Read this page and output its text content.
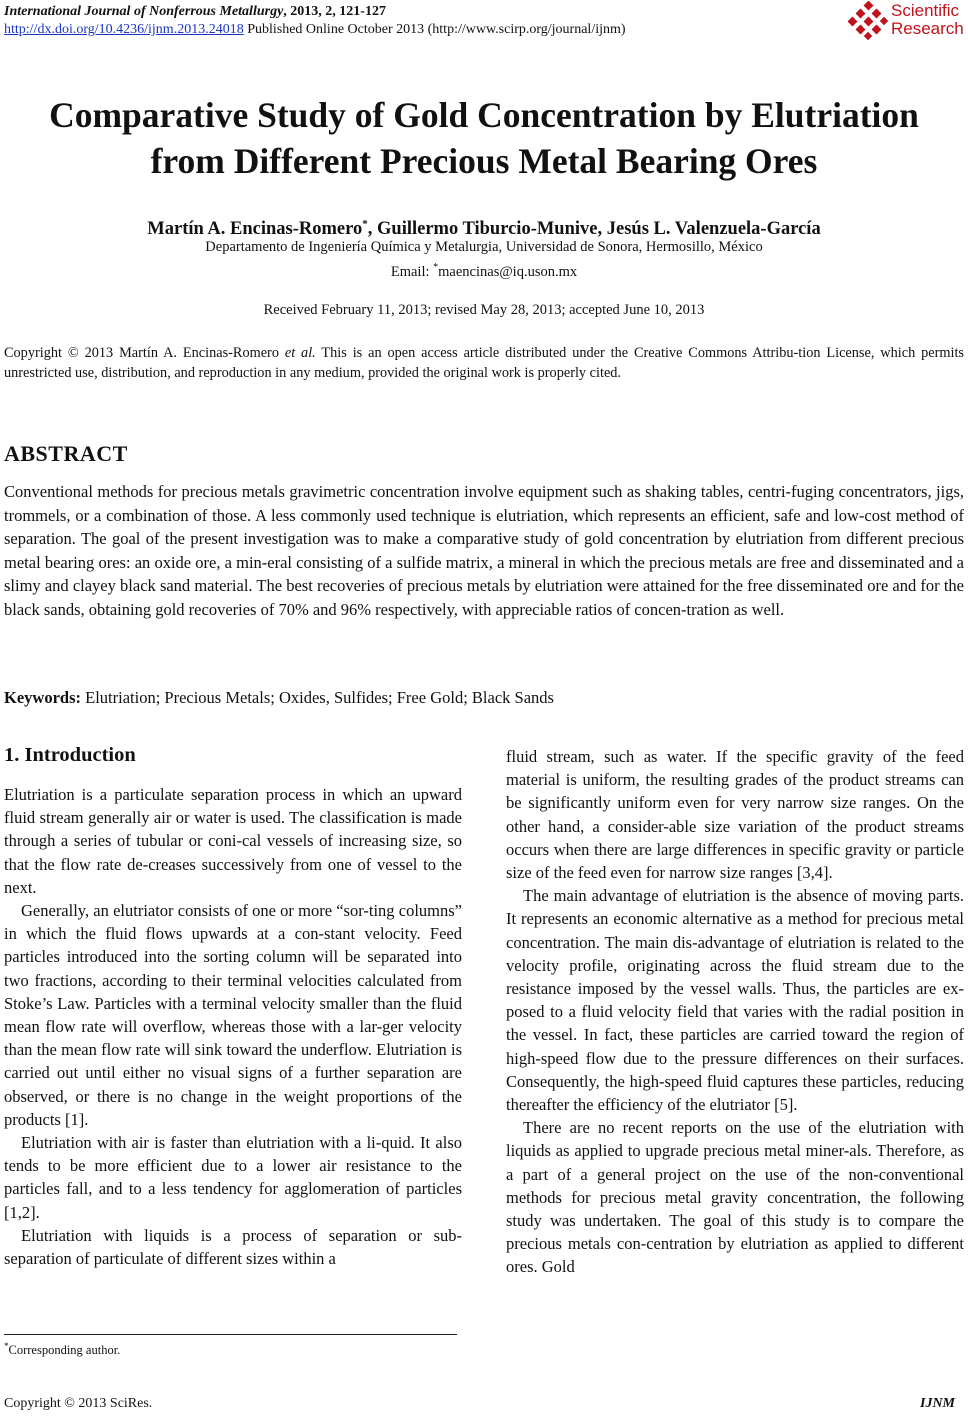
International Journal of Nonferrous Metallurgy, 2013, 2, 121-127
http://dx.doi.org/10.4236/ijnm.2013.24018 Published Online October 2013 (http://www.scirp.org/journal/ijnm)
Scientific
Research
Comparative Study of Gold Concentration by Elutriation
from Different Precious Metal Bearing Ores
Martín A. Encinas-Romero*, Guillermo Tiburcio-Munive, Jesús L. Valenzuela-García
Departamento de Ingeniería Química y Metalurgia, Universidad de Sonora, Hermosillo, México
Email: *maencinas@iq.uson.mx
Received February 11, 2013; revised May 28, 2013; accepted June 10, 2013
Copyright © 2013 Martín A. Encinas-Romero et al. This is an open access article distributed under the Creative Commons Attribu-tion License, which permits unrestricted use, distribution, and reproduction in any medium, provided the original work is properly cited.
ABSTRACT
Conventional methods for precious metals gravimetric concentration involve equipment such as shaking tables, centri-fuging concentrators, jigs, trommels, or a combination of those. A less commonly used technique is elutriation, which represents an efficient, safe and low-cost method of separation. The goal of the present investigation was to make a comparative study of gold concentration by elutriation from different precious metal bearing ores: an oxide ore, a min-eral consisting of a sulfide matrix, a mineral in which the precious metals are free and disseminated and a slimy and clayey black sand material. The best recoveries of precious metals by elutriation were attained for the free disseminated ore and for the black sands, obtaining gold recoveries of 70% and 96% respectively, with appreciable ratios of concen-tration as well.
Keywords: Elutriation; Precious Metals; Oxides, Sulfides; Free Gold; Black Sands
1. Introduction

Elutriation is a particulate separation process in which an upward fluid stream generally air or water is used. The classification is made through a series of tubular or coni-cal vessels of increasing size, so that the flow rate de-creases successively from one of vessel to the next.

Generally, an elutriator consists of one or more “sor-ting columns” in which the fluid flows upwards at a con-stant velocity. Feed particles introduced into the sorting column will be separated into two fractions, according to their terminal velocities calculated from Stoke’s Law. Particles with a terminal velocity smaller than the fluid mean flow rate will overflow, whereas those with a lar-ger velocity than the mean flow rate will sink toward the underflow. Elutriation is carried out until either no visual signs of a further separation are observed, or there is no change in the weight proportions of the products [1].

Elutriation with air is faster than elutriation with a li-quid. It also tends to be more efficient due to a lower air resistance to the particles fall, and to a less tendency for agglomeration of particles [1,2].

Elutriation with liquids is a process of separation or sub-separation of particulate of different sizes within a

fluid stream, such as water. If the specific gravity of the feed material is uniform, the resulting grades of the product streams can be significantly uniform even for very narrow size ranges. On the other hand, a consider-able size variation of the product streams occurs when there are large differences in specific gravity or particle size of the feed even for narrow size ranges [3,4].

The main advantage of elutriation is the absence of moving parts. It represents an economic alternative as a method for precious metal concentration. The main dis-advantage of elutriation is related to the velocity profile, originating across the fluid stream due to the resistance imposed by the vessel walls. Thus, the particles are ex-posed to a fluid velocity field that varies with the radial position in the vessel. In fact, these particles are carried toward the region of high-speed flow due to the pressure differences on their surfaces. Consequently, the high-speed fluid captures these particles, reducing thereafter the efficiency of the elutriator [5].

There are no recent reports on the use of the elutriation with liquids as applied to upgrade precious metal miner-als. Therefore, as a part of a general project on the use of the non-conventional methods for precious metal gravity concentration, the following study was undertaken. The goal of this study is to compare the precious metals con-centration by elutriation as applied to different ores. Gold

*Corresponding author.
Copyright © 2013 SciRes.	IJNM
